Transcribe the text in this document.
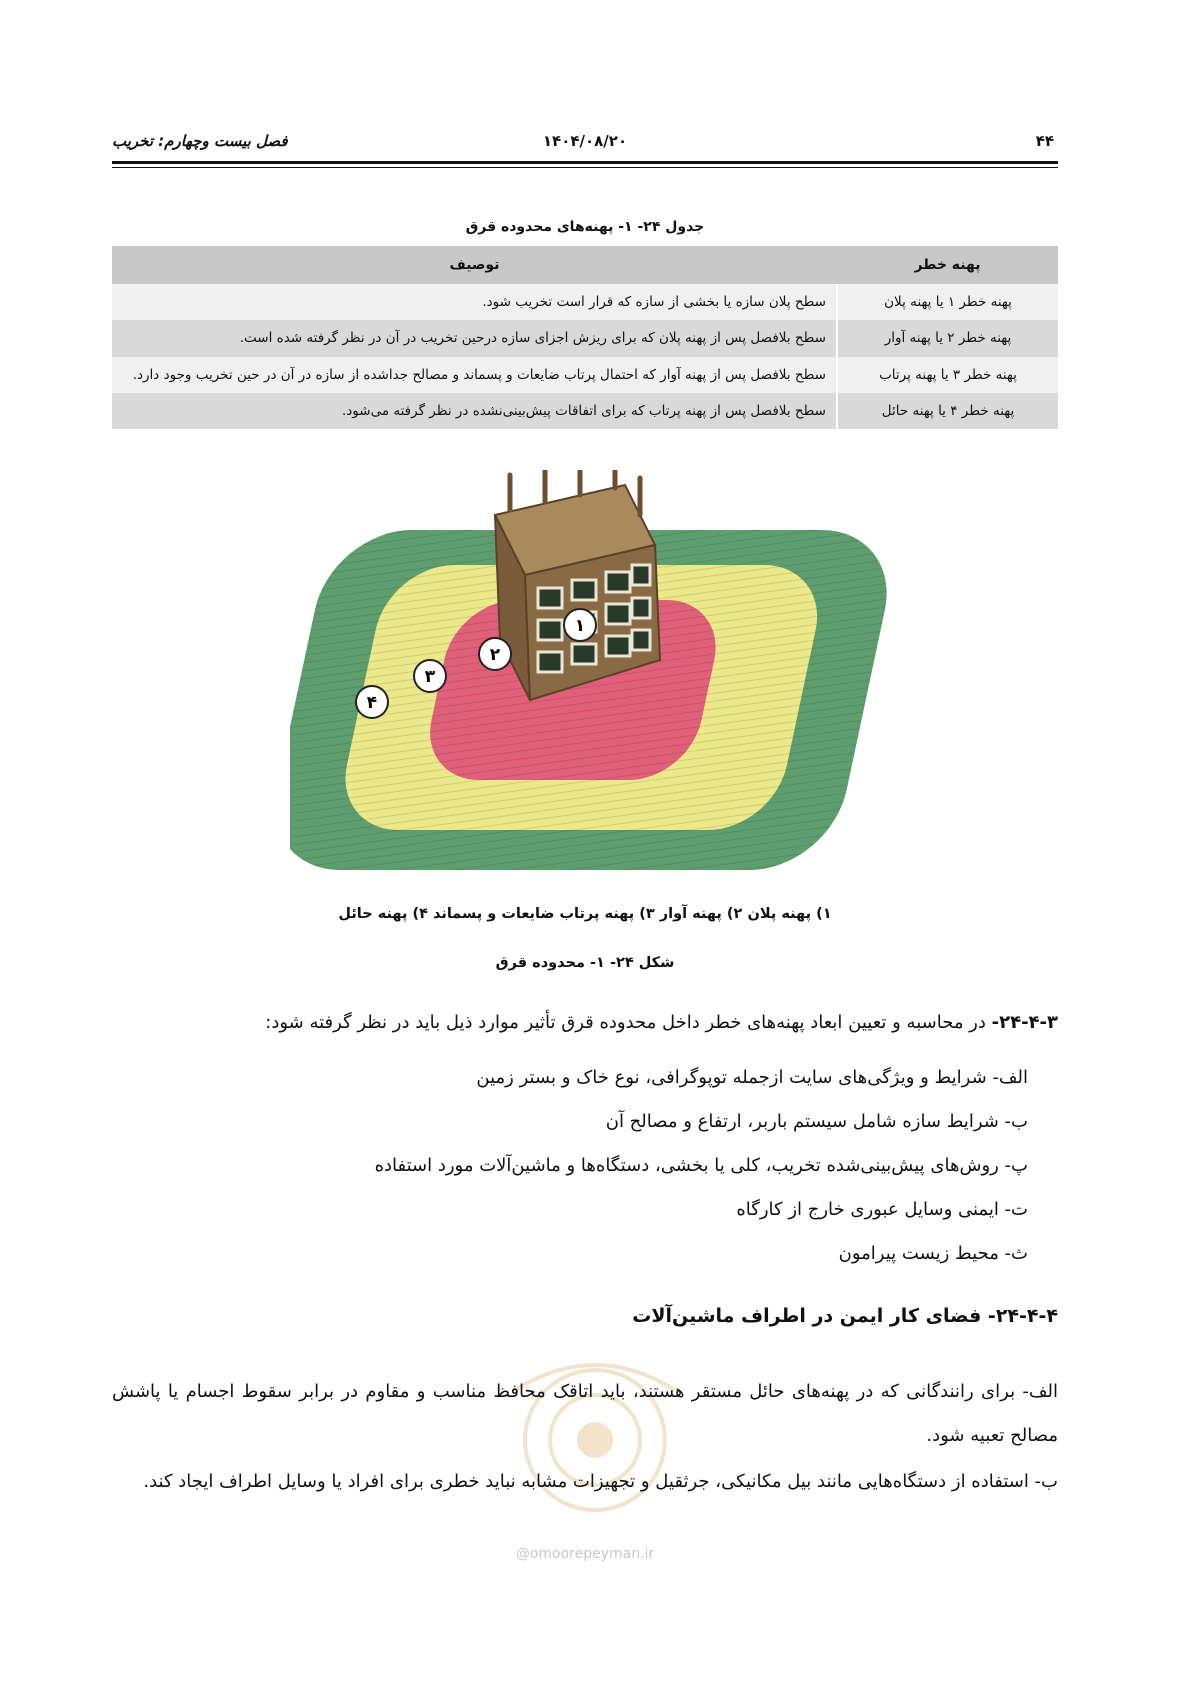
۴۴
۱۴۰۴/۰۸/۲۰
فصل بیست وچهارم: تخریب
جدول ۲۴- ۱- پهنه‌های محدوده قرق
پهنه خطر	توصیف
پهنه خطر ۱ یا پهنه پلان	سطح پلان سازه یا بخشی از سازه که قرار است تخریب شود.
پهنه خطر ۲ یا پهنه آوار	سطح بلافصل پس از پهنه پلان که برای ریزش اجزای سازه درحین تخریب در آن در نظر گرفته شده است.
پهنه خطر ۳ یا پهنه پرتاب	سطح بلافصل پس از پهنه آوار که احتمال پرتاب ضایعات و پسماند و مصالح جداشده از سازه در آن در حین تخریب وجود دارد.
پهنه خطر ۴ یا پهنه حائل	سطح بلافصل پس از پهنه پرتاب که برای اتفاقات پیش‌بینی‌نشده در نظر گرفته می‌شود.
۱
۲
۳
۴
۱) پهنه پلان ۲) پهنه آوار ۳) پهنه پرتاب ضایعات و پسماند ۴) پهنه حائل
شکل ۲۴- ۱- محدوده قرق
۲۴-۴-۳- در محاسبه و تعیین ابعاد پهنه‌های خطر داخل محدوده قرق تأثیر موارد ذیل باید در نظر گرفته شود:
الف- شرایط و ویژگی‌های سایت ازجمله توپوگرافی، نوع خاک و بستر زمین
ب- شرایط سازه شامل سیستم باربر، ارتفاع و مصالح آن
پ- روش‌های پیش‌بینی‌شده تخریب، کلی یا بخشی، دستگاه‌ها و ماشین‌آلات مورد استفاده
ت- ایمنی وسایل عبوری خارج از کارگاه
ث- محیط زیست پیرامون
۲۴-۴-۴- فضای کار ایمن در اطراف ماشین‌آلات
الف- برای رانندگانی که در پهنه‌های حائل مستقر هستند، باید اتاقک محافظ مناسب و مقاوم در برابر سقوط اجسام یا پاشش مصالح تعبیه شود.
ب- استفاده از دستگاه‌هایی مانند بیل مکانیکی، جرثقیل و تجهیزات مشابه نباید خطری برای افراد یا وسایل اطراف ایجاد کند.
@omoorepeyman.ir
